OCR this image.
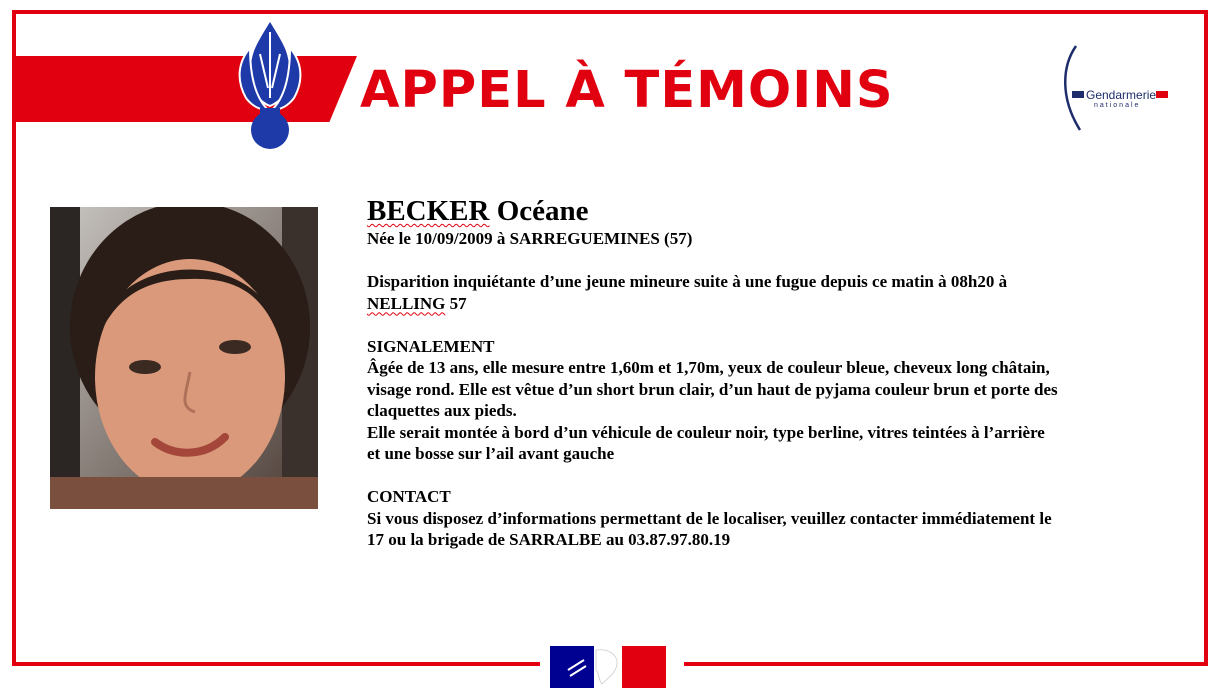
APPEL À TÉMOINS	Gendarmerie
nationale
BECKER Océane

Née le 10/09/2009 à SARREGUEMINES (57)

Disparition inquiétante d’une jeune mineure suite à une fugue depuis ce matin à 08h20 à

NELLING 57

SIGNALEMENT

Âgée de 13 ans, elle mesure entre 1,60m et 1,70m, yeux de couleur bleue, cheveux long châtain,

visage rond. Elle est vêtue d’un short brun clair, d’un haut de pyjama couleur brun et porte des

claquettes aux pieds.

Elle serait montée à bord d’un véhicule de couleur noir, type berline, vitres teintées à l’arrière

et une bosse sur l’ail avant gauche

CONTACT

Si vous disposez d’informations permettant de le localiser, veuillez contacter immédiatement le

17 ou la brigade de SARRALBE au 03.87.97.80.19
